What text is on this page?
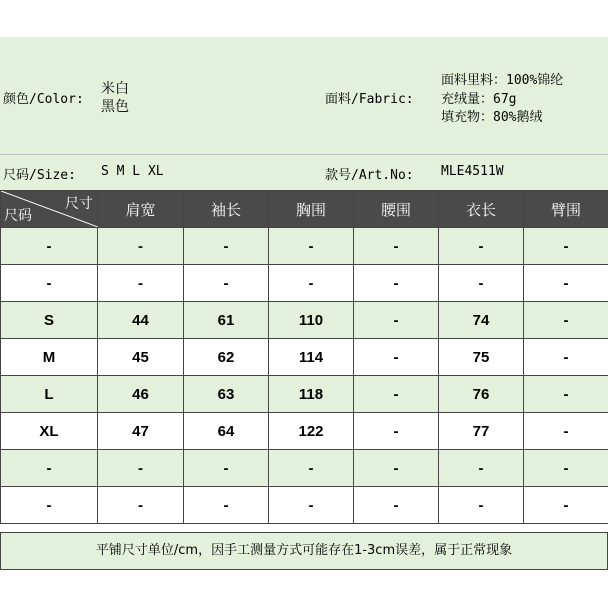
颜色/Color:
米白
黑色	面料/Fabric:
面料里料：100%锦纶
充绒量：67g
填充物：80%鹅绒
尺码/Size: S M L XL	款号/Art.No: MLE4511W
尺寸
尺码	肩宽	袖长	胸围	腰围	衣长	臂围
-	-	-	-	-	-	-
-	-	-	-	-	-	-
S	44	61	110	-	74	-
M	45	62	114	-	75	-
L	46	63	118	-	76	-
XL	47	64	122	-	77	-
-	-	-	-	-	-	-
-	-	-	-	-	-	-
平铺尺寸单位/cm，因手工测量方式可能存在1-3cm误差，属于正常现象
